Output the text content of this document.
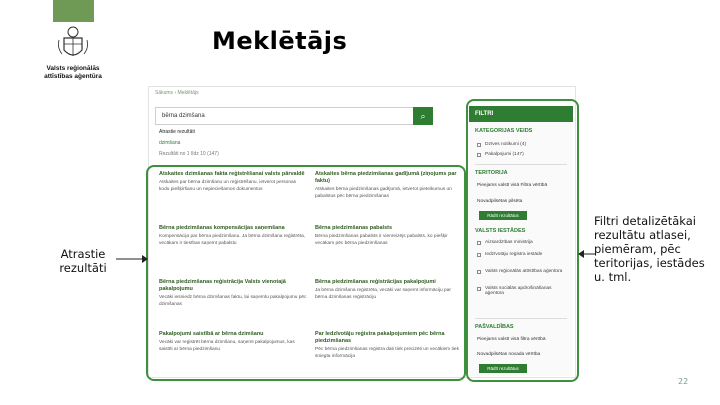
Valsts reģionālās attīstības aģentūra
Meklētājs
Sākums › Meklētājs
bērna dzimšana	⌕
Atrastie rezultāti
dzimšana
Rezultāti no 1 līdz 10 (147)
Atskaites dzimšanas fakta reģistrēšanai valsts pārvaldē
Atskaites par bērna dzimšanu un reģistrēšanu, ietverot personas kodu piešķiršanu un nepieciešamos dokumentus
Atskaites bērna piedzimšanas gadījumā (ziņojums par faktu)
Atskaites bērna piedzimšanas gadījumā, ietverot pieteikumus un pabalstus pēc bērna piedzimšanas
Bērna piedzimšanas kompensācijas saņemšana
Kompensācija par bērna piedzimšanu. Ja bērna dzimšana reģistrēta, vecākam ir tiesības saņemt pabalstu
Bērna piedzimšanas pabalsts
Bērna piedzimšanas pabalsts ir vienreizējs pabalsts, ko piešķir vecākam pēc bērna piedzimšanas
Bērna piedzimšanas reģistrācija Valsts vienotajā pakalpojumu
Vecāki iesniedz bērna dzimšanas faktu, lai saņemtu pakalpojumu pēc dzimšanas
Bērna piedzimšanas reģistrācijas pakalpojumi
Ja bērna dzimšana reģistrēta, vecāki var saņemt informāciju par bērna dzimšanas reģistrāciju
Pakalpojumi saistībā ar bērna dzimšanu
Vecāki var reģistrēt bērna dzimšanu, saņemt pakalpojumus, kas saistīti ar bērna piedzimšanu
Par Iedzīvotāju reģistra pakalpojumiem pēc bērna piedzimšanas
Pēc bērna piedzimšanas reģistra dati tiek precizēti un vecākiem tiek sniegta informācija
FILTRI
KATEGORIJAS VEIDS
Dzīves notikumi (4)
Pakalpojumi (147)
TERITORIJA
Pieejams valstī visā Filtra vērtībā
Novadpilsētas pilsēta
Rādīt rezultātus
VALSTS IESTĀDES
Aizsardzības ministrija
Iedzīvotāju reģistra iestāde
Valsts reģionālās attīstības aģentūra
Valsts sociālās apdrošināšanas aģentūra
PAŠVALDĪBAS
Pieejams valstī visā filtra vērtībā
Novadpilsētas novada vērtība
Rādīt rezultātus
Atrastie rezultāti
Filtri detalizētākai rezultātu atlasei, piemēram, pēc teritorijas, iestādes u. tml.
22
